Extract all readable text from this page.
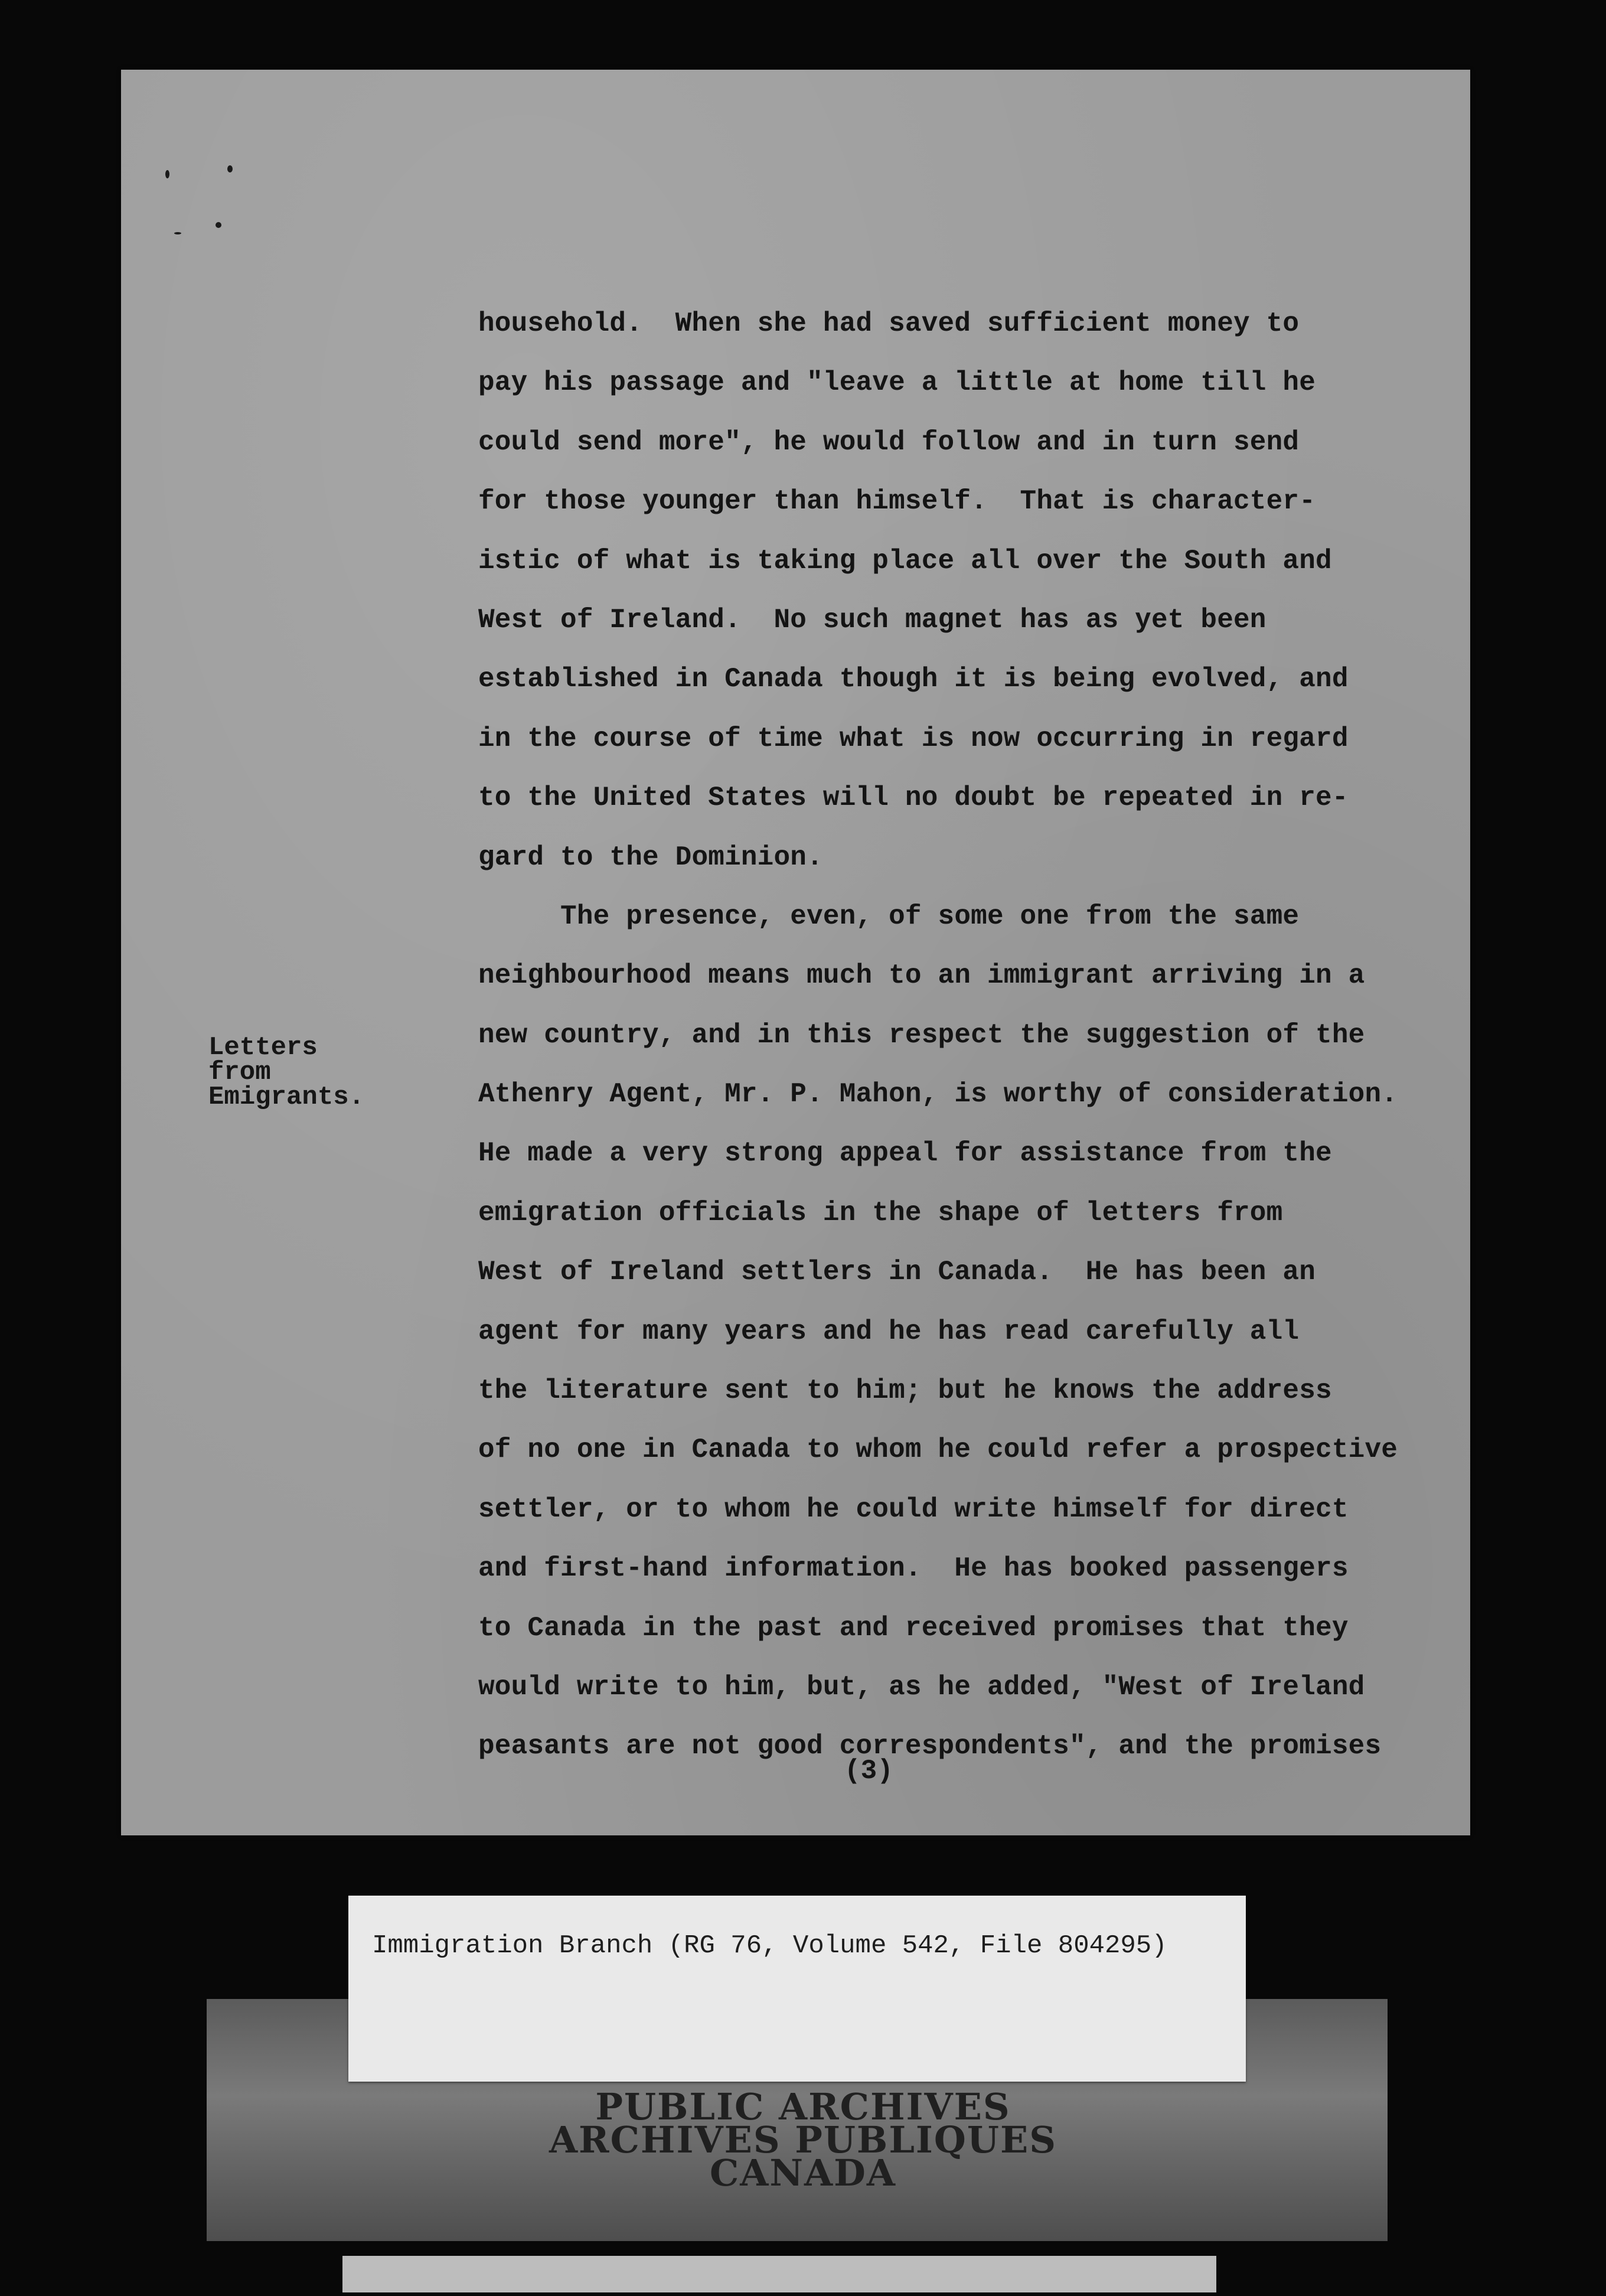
Letters
from
Emigrants.

household.  When she had saved sufficient money to
pay his passage and "leave a little at home till he
could send more", he would follow and in turn send
for those younger than himself.  That is character-
istic of what is taking place all over the South and
West of Ireland.  No such magnet has as yet been
established in Canada though it is being evolved, and
in the course of time what is now occurring in regard
to the United States will no doubt be repeated in re-
gard to the Dominion.
The presence, even, of some one from the same
neighbourhood means much to an immigrant arriving in a
new country, and in this respect the suggestion of the
Athenry Agent, Mr. P. Mahon, is worthy of consideration.
He made a very strong appeal for assistance from the
emigration officials in the shape of letters from
West of Ireland settlers in Canada.  He has been an
agent for many years and he has read carefully all
the literature sent to him; but he knows the address
of no one in Canada to whom he could refer a prospective
settler, or to whom he could write himself for direct
and first-hand information.  He has booked passengers
to Canada in the past and received promises that they
would write to him, but, as he added, "West of Ireland
peasants are not good correspondents", and the promises

(3)

Immigration Branch (RG 76, Volume 542, File 804295)

PUBLIC ARCHIVES
ARCHIVES PUBLIQUES
CANADA
